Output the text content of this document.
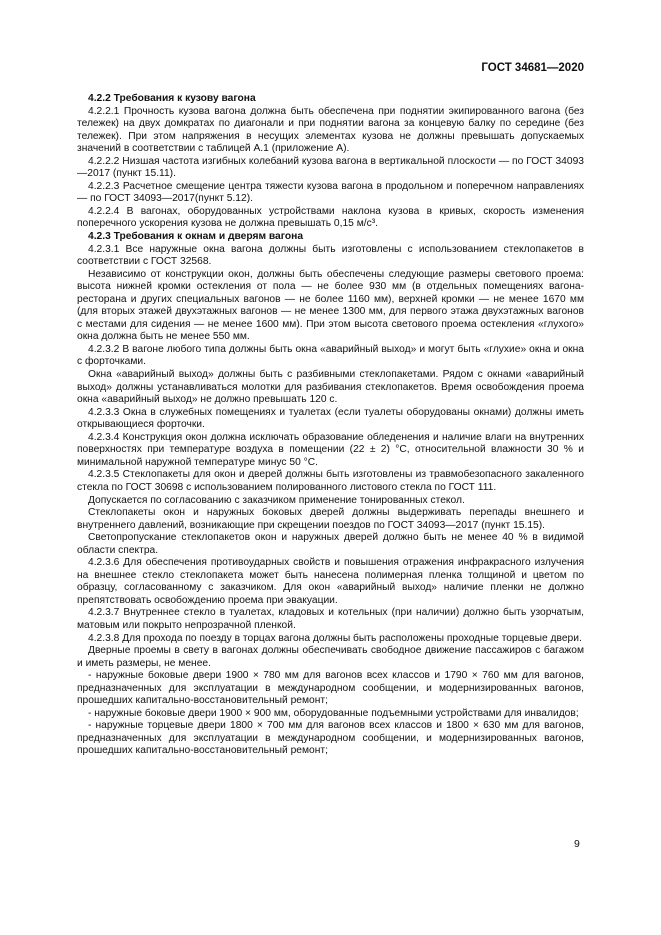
ГОСТ 34681—2020

4.2.2 Требования к кузову вагона

4.2.2.1 Прочность кузова вагона должна быть обеспечена при поднятии экипированного вагона (без тележек) на двух домкратах по диагонали и при поднятии вагона за концевую балку по середине (без тележек). При этом напряжения в несущих элементах кузова не должны превышать допускаемых значений в соответствии с таблицей А.1 (приложение А).

4.2.2.2 Низшая частота изгибных колебаний кузова вагона в вертикальной плоскости — по ГОСТ 34093—2017 (пункт 15.11).

4.2.2.3 Расчетное смещение центра тяжести кузова вагона в продольном и поперечном направлениях — по ГОСТ 34093—2017(пункт 5.12).

4.2.2.4 В вагонах, оборудованных устройствами наклона кузова в кривых, скорость изменения поперечного ускорения кузова не должна превышать 0,15 м/с³.

4.2.3 Требования к окнам и дверям вагона

4.2.3.1 Все наружные окна вагона должны быть изготовлены с использованием стеклопакетов в соответствии с ГОСТ 32568.

Независимо от конструкции окон, должны быть обеспечены следующие размеры светового проема: высота нижней кромки остекления от пола — не более 930 мм (в отдельных помещениях вагона-ресторана и других специальных вагонов — не более 1160 мм), верхней кромки — не менее 1670 мм (для вторых этажей двухэтажных вагонов — не менее 1300 мм, для первого этажа двухэтажных вагонов с местами для сидения — не менее 1600 мм). При этом высота светового проема остекления «глухого» окна должна быть не менее 550 мм.

4.2.3.2 В вагоне любого типа должны быть окна «аварийный выход» и могут быть «глухие» окна и окна с форточками.

Окна «аварийный выход» должны быть с разбивными стеклопакетами. Рядом с окнами «аварийный выход» должны устанавливаться молотки для разбивания стеклопакетов. Время освобождения проема окна «аварийный выход» не должно превышать 120 с.

4.2.3.3 Окна в служебных помещениях и туалетах (если туалеты оборудованы окнами) должны иметь открывающиеся форточки.

4.2.3.4 Конструкция окон должна исключать образование обледенения и наличие влаги на внутренних поверхностях при температуре воздуха в помещении (22 ± 2) °С, относительной влажности 30 % и минимальной наружной температуре минус 50 °С.

4.2.3.5 Стеклопакеты для окон и дверей должны быть изготовлены из травмобезопасного закаленного стекла по ГОСТ 30698 с использованием полированного листового стекла по ГОСТ 111.

Допускается по согласованию с заказчиком применение тонированных стекол.

Стеклопакеты окон и наружных боковых дверей должны выдерживать перепады внешнего и внутреннего давлений, возникающие при скрещении поездов по ГОСТ 34093—2017 (пункт 15.15).

Светопропускание стеклопакетов окон и наружных дверей должно быть не менее 40 % в видимой области спектра.

4.2.3.6 Для обеспечения противоударных свойств и повышения отражения инфракрасного излучения на внешнее стекло стеклопакета может быть нанесена полимерная пленка толщиной и цветом по образцу, согласованному с заказчиком. Для окон «аварийный выход» наличие пленки не должно препятствовать освобождению проема при эвакуации.

4.2.3.7 Внутреннее стекло в туалетах, кладовых и котельных (при наличии) должно быть узорчатым, матовым или покрыто непрозрачной пленкой.

4.2.3.8 Для прохода по поезду в торцах вагона должны быть расположены проходные торцевые двери.

Дверные проемы в свету в вагонах должны обеспечивать свободное движение пассажиров с багажом и иметь размеры, не менее.

- наружные боковые двери 1900 × 780 мм для вагонов всех классов и 1790 × 760 мм для вагонов, предназначенных для эксплуатации в международном сообщении, и модернизированных вагонов, прошедших капитально-восстановительный ремонт;

- наружные боковые двери 1900 × 900 мм, оборудованные подъемными устройствами для инвалидов;

- наружные торцевые двери 1800 × 700 мм для вагонов всех классов и 1800 × 630 мм для вагонов, предназначенных для эксплуатации в международном сообщении, и модернизированных вагонов, прошедших капитально-восстановительный ремонт;

9
